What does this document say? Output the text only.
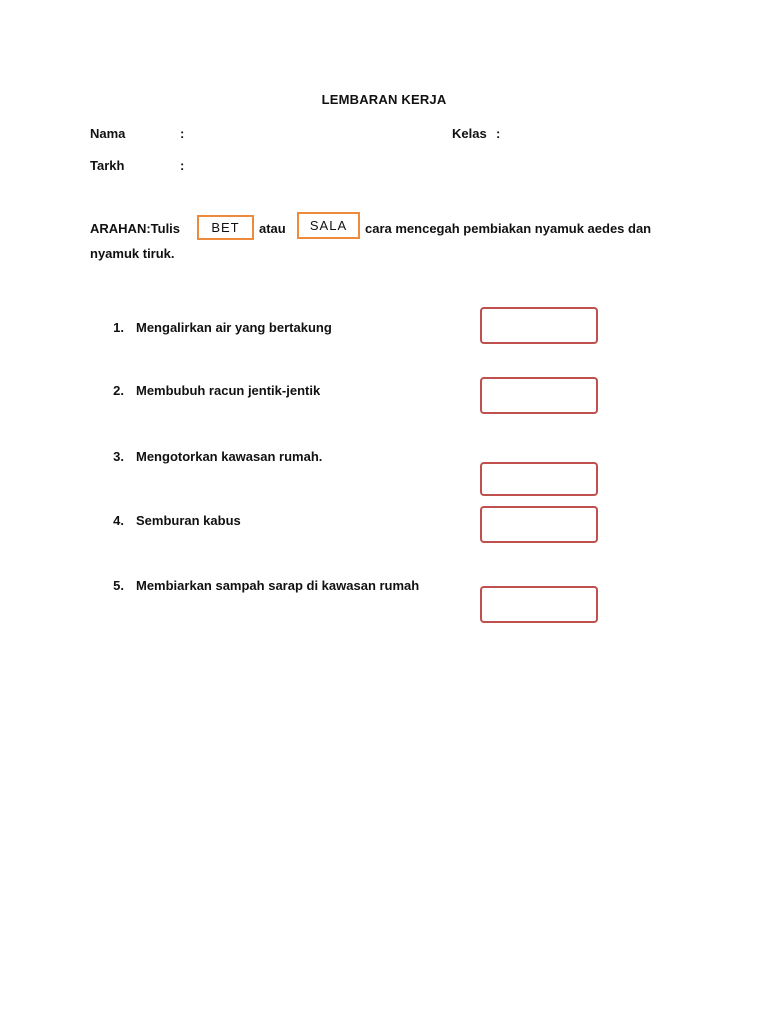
LEMBARAN KERJA
Nama	:	Kelas :
Tarkh	:
ARAHAN:Tulis	BET	atau	SALA	cara mencegah pembiakan nyamuk aedes dan
nyamuk tiruk.
1. Mengalirkan air yang bertakung
2. Membubuh racun jentik-jentik
3. Mengotorkan kawasan rumah.
4. Semburan kabus
5. Membiarkan sampah sarap di kawasan rumah
